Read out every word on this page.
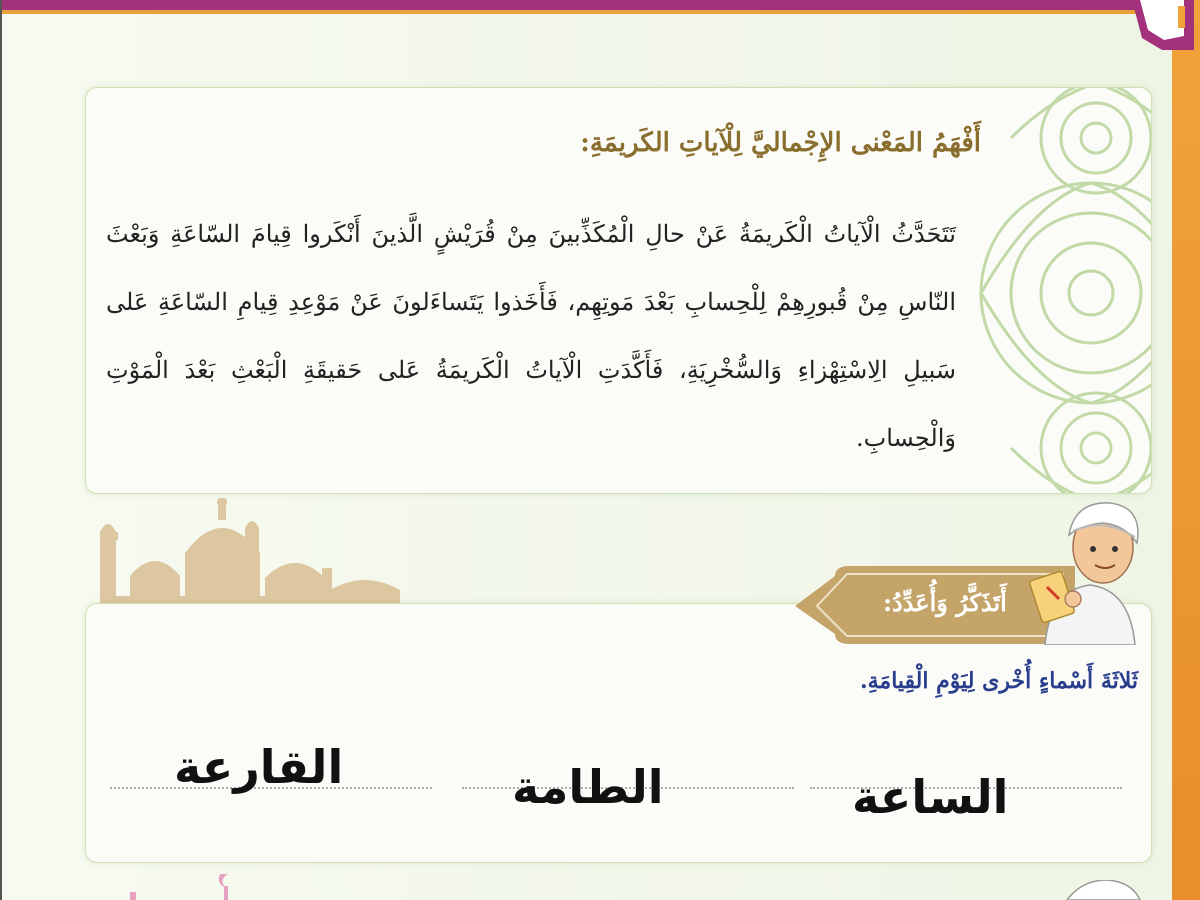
أَفْهَمُ المَعْنى الإِجْماليَّ لِلْآياتِ الكَريمَةِ:

تَتَحَدَّثُ الْآياتُ الْكَريمَةُ عَنْ حالِ الْمُكَذِّبينَ مِنْ قُرَيْشٍ الَّذينَ أَنْكَروا قِيامَ السّاعَةِ وَبَعْثَ النّاسِ مِنْ قُبورِهِمْ لِلْحِسابِ بَعْدَ مَوتِهِم، فَأَخَذوا يَتَساءَلونَ عَنْ مَوْعِدِ قِيامِ السّاعَةِ عَلى سَبيلِ الِاسْتِهْزاءِ وَالسُّخْرِيَةِ، فَأَكَّدَتِ الْآياتُ الْكَريمَةُ عَلى حَقيقَةِ الْبَعْثِ بَعْدَ الْمَوْتِ وَالْحِسابِ.

أَتَذَكَّرُ وَأُعَدِّدُ:

ثَلاثَةَ أَسْماءٍ أُخْرى لِيَوْمِ الْقِيامَةِ.

الساعة
الطامة
القارعة
